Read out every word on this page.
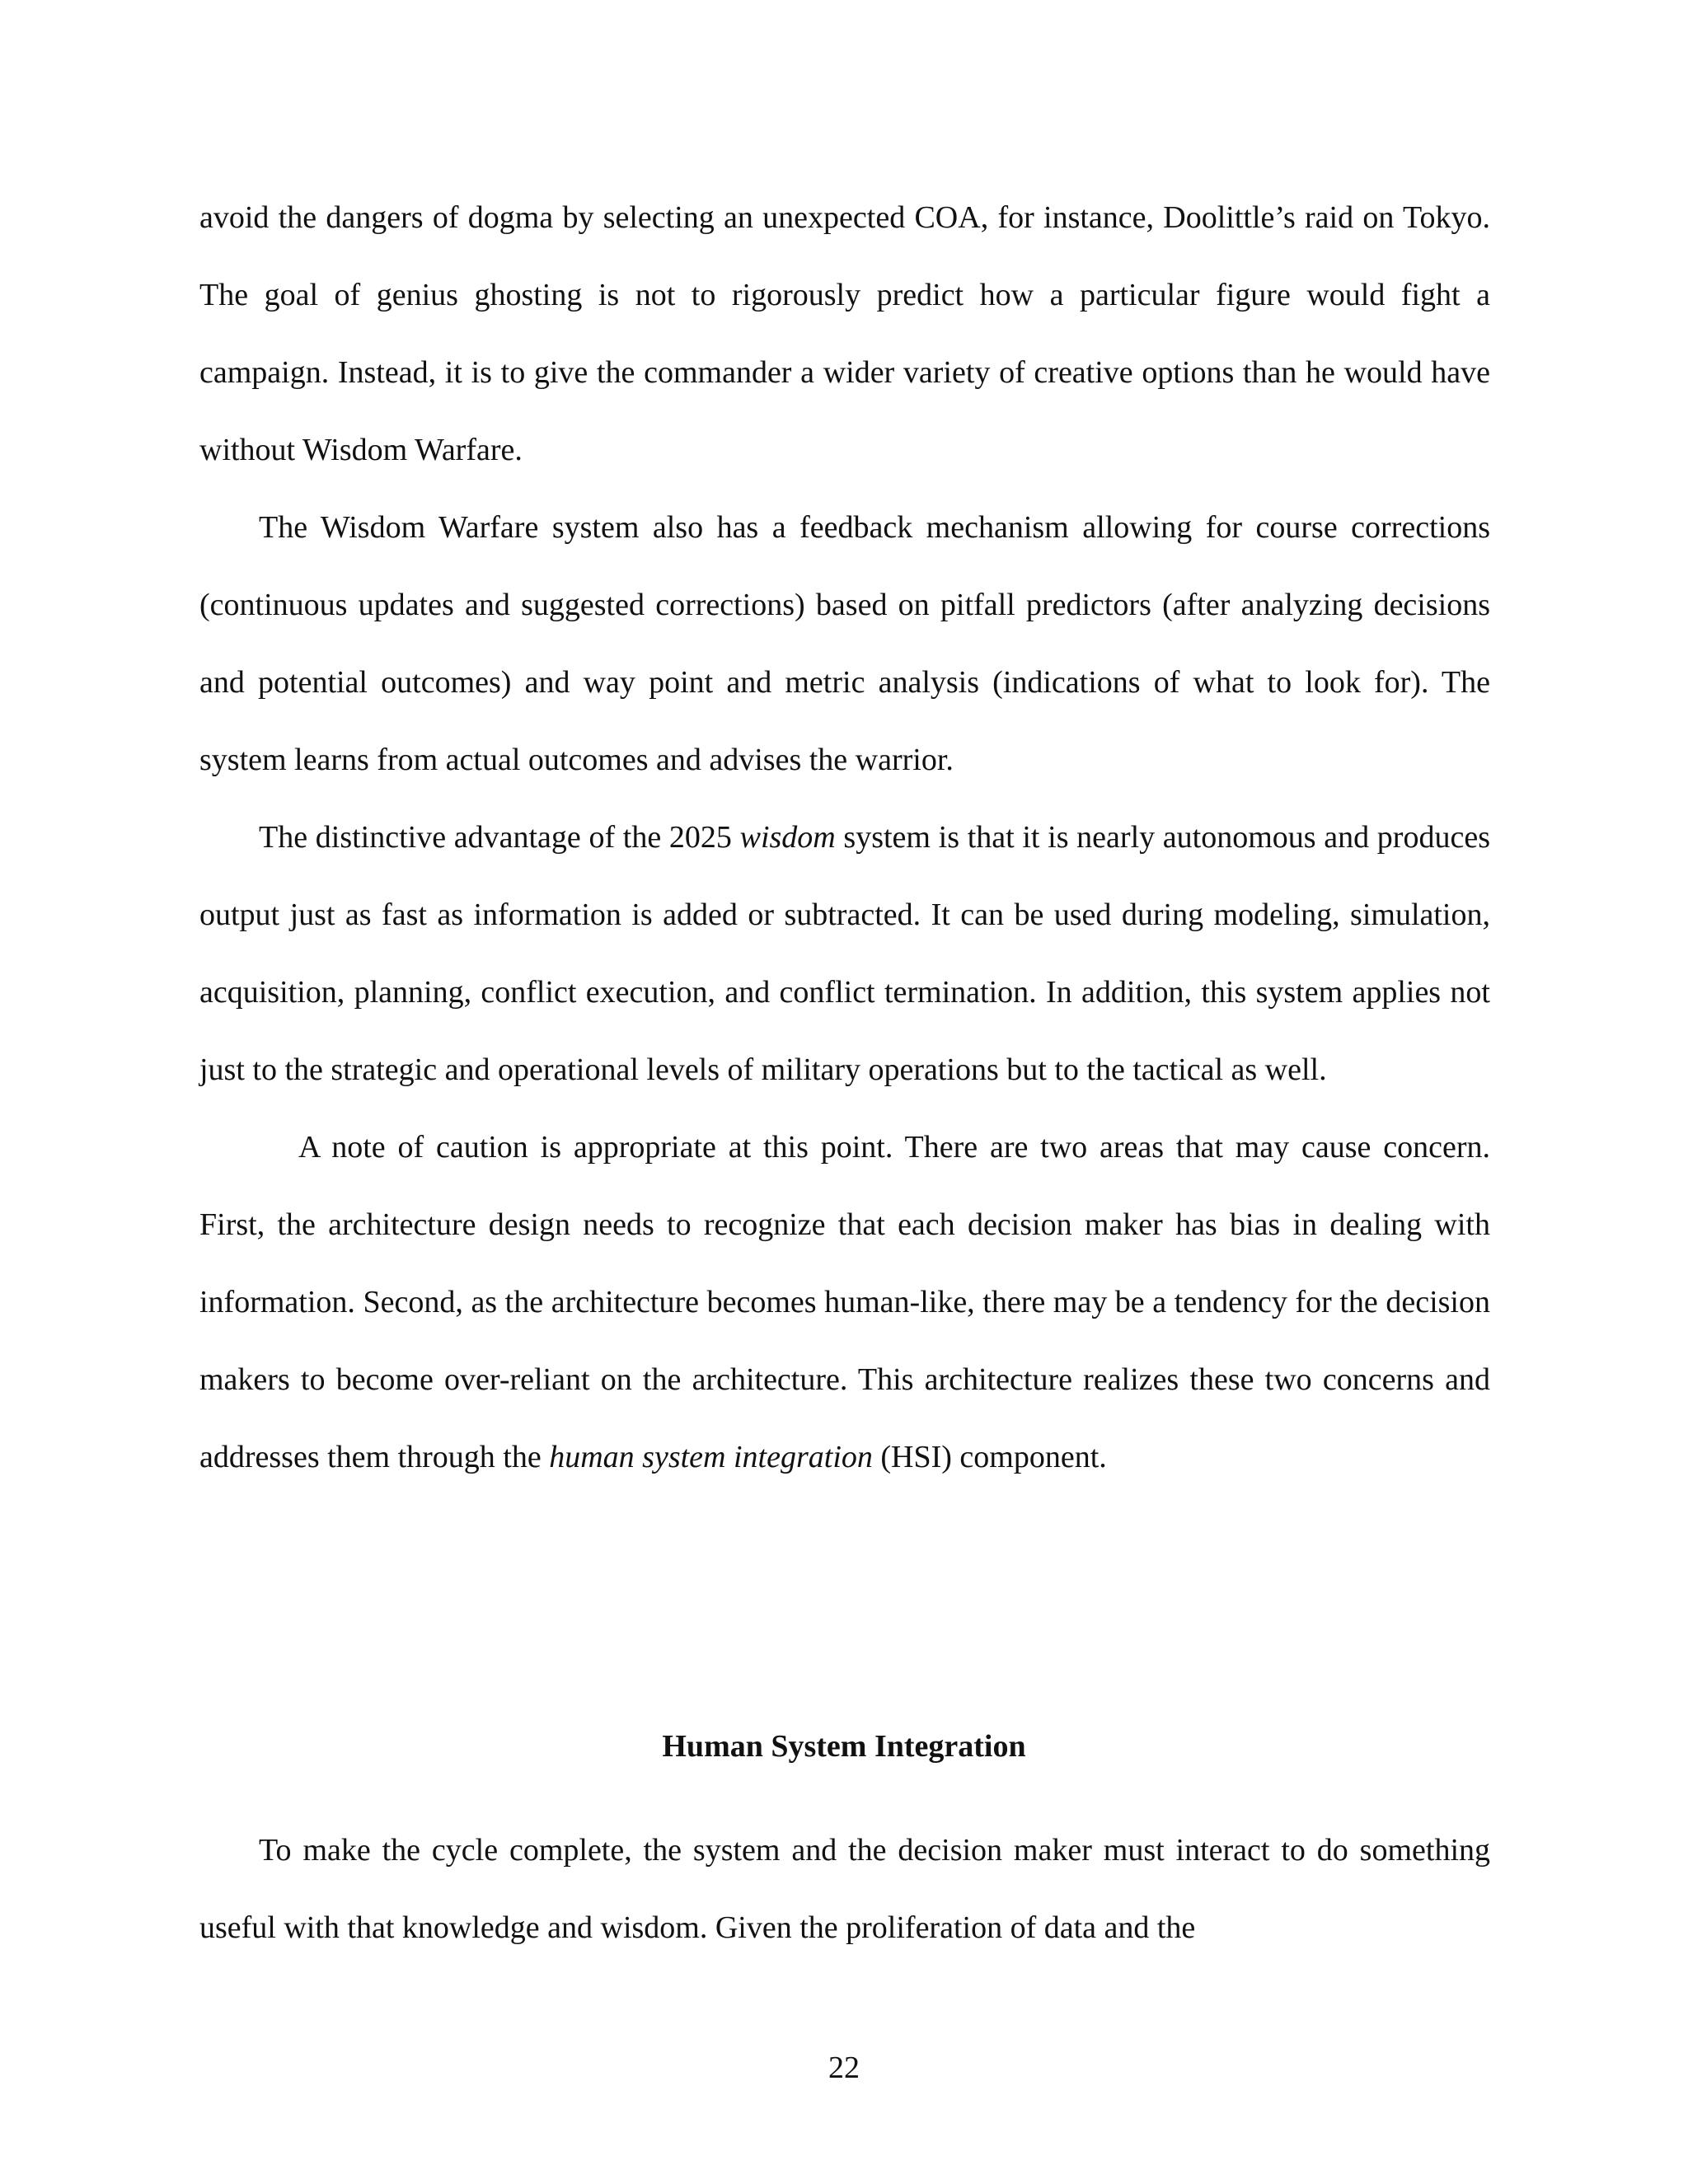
avoid the dangers of dogma by selecting an unexpected COA, for instance, Doolittle’s raid on Tokyo. The goal of genius ghosting is not to rigorously predict how a particular figure would fight a campaign. Instead, it is to give the commander a wider variety of creative options than he would have without Wisdom Warfare.

The Wisdom Warfare system also has a feedback mechanism allowing for course corrections (continuous updates and suggested corrections) based on pitfall predictors (after analyzing decisions and potential outcomes) and way point and metric analysis (indications of what to look for). The system learns from actual outcomes and advises the warrior.

The distinctive advantage of the 2025 wisdom system is that it is nearly autonomous and produces output just as fast as information is added or subtracted. It can be used during modeling, simulation, acquisition, planning, conflict execution, and conflict termination. In addition, this system applies not just to the strategic and operational levels of military operations but to the tactical as well.

A note of caution is appropriate at this point. There are two areas that may cause concern. First, the architecture design needs to recognize that each decision maker has bias in dealing with information. Second, as the architecture becomes human-like, there may be a tendency for the decision makers to become over-reliant on the architecture. This architecture realizes these two concerns and addresses them through the human system integration (HSI) component.

Human System Integration

To make the cycle complete, the system and the decision maker must interact to do something useful with that knowledge and wisdom. Given the proliferation of data and the

22
